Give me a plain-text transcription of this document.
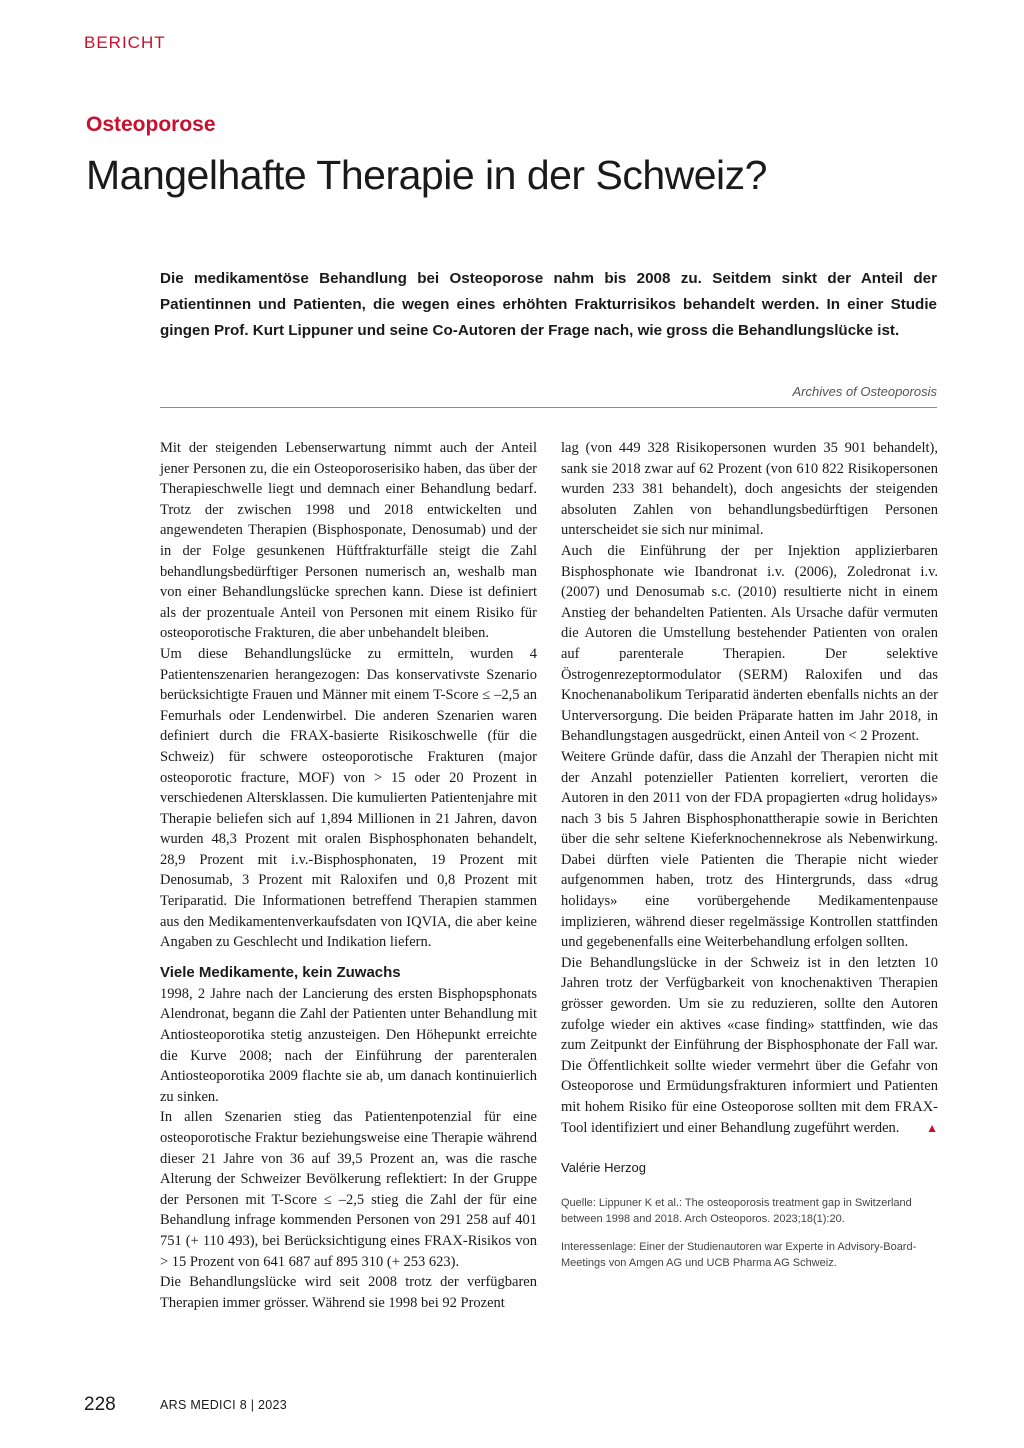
BERICHT
Osteoporose
Mangelhafte Therapie in der Schweiz?

Die medikamentöse Behandlung bei Osteoporose nahm bis 2008 zu. Seitdem sinkt der Anteil der Patientinnen und Patienten, die wegen eines erhöhten Frakturrisikos behandelt werden. In einer Studie gingen Prof. Kurt Lippuner und seine Co-Autoren der Frage nach, wie gross die Behandlungslücke ist.

Archives of Osteoporosis

Mit der steigenden Lebenserwartung nimmt auch der Anteil jener Personen zu, die ein Osteoporoserisiko haben, das über der Therapieschwelle liegt und demnach einer Behandlung bedarf. Trotz der zwischen 1998 und 2018 entwickelten und angewendeten Therapien (Bisphosponate, Denosumab) und der in der Folge gesunkenen Hüftfrakturfälle steigt die Zahl behandlungsbedürftiger Personen numerisch an, weshalb man von einer Behandlungslücke sprechen kann. Diese ist definiert als der prozentuale Anteil von Personen mit einem Risiko für osteoporotische Frakturen, die aber unbehandelt bleiben.

Um diese Behandlungslücke zu ermitteln, wurden 4 Patientenszenarien herangezogen: Das konservativste Szenario berücksichtigte Frauen und Männer mit einem T-Score ≤ –2,5 an Femurhals oder Lendenwirbel. Die anderen Szenarien waren definiert durch die FRAX-basierte Risikoschwelle (für die Schweiz) für schwere osteoporotische Frakturen (major osteoporotic fracture, MOF) von > 15 oder 20 Prozent in verschiedenen Altersklassen. Die kumulierten Patientenjahre mit Therapie beliefen sich auf 1,894 Millionen in 21 Jahren, davon wurden 48,3 Prozent mit oralen Bisphosphonaten behandelt, 28,9 Prozent mit i.v.-Bisphosphonaten, 19 Prozent mit Denosumab, 3 Prozent mit Raloxifen und 0,8 Prozent mit Teriparatid. Die Informationen betreffend Therapien stammen aus den Medikamentenverkaufsdaten von IQVIA, die aber keine Angaben zu Geschlecht und Indikation liefern.

Viele Medikamente, kein Zuwachs

1998, 2 Jahre nach der Lancierung des ersten Bisphopsphonats Alendronat, begann die Zahl der Patienten unter Behandlung mit Antiosteoporotika stetig anzusteigen. Den Höhepunkt erreichte die Kurve 2008; nach der Einführung der parenteralen Antiosteoporotika 2009 flachte sie ab, um danach kontinuierlich zu sinken.

In allen Szenarien stieg das Patientenpotenzial für eine osteoporotische Fraktur beziehungsweise eine Therapie während dieser 21 Jahre von 36 auf 39,5 Prozent an, was die rasche Alterung der Schweizer Bevölkerung reflektiert: In der Gruppe der Personen mit T-Score ≤ –2,5 stieg die Zahl der für eine Behandlung infrage kommenden Personen von 291 258 auf 401 751 (+ 110 493), bei Berücksichtigung eines FRAX-Risikos von > 15 Prozent von 641 687 auf 895 310 (+ 253 623).

Die Behandlungslücke wird seit 2008 trotz der verfügbaren Therapien immer grösser. Während sie 1998 bei 92 Prozent

lag (von 449 328 Risikopersonen wurden 35 901 behandelt), sank sie 2018 zwar auf 62 Prozent (von 610 822 Risikopersonen wurden 233 381 behandelt), doch angesichts der steigenden absoluten Zahlen von behandlungsbedürftigen Personen unterscheidet sie sich nur minimal.

Auch die Einführung der per Injektion applizierbaren Bisphosphonate wie Ibandronat i.v. (2006), Zoledronat i.v. (2007) und Denosumab s.c. (2010) resultierte nicht in einem Anstieg der behandelten Patienten. Als Ursache dafür vermuten die Autoren die Umstellung bestehender Patienten von oralen auf parenterale Therapien. Der selektive Östrogenrezeptormodulator (SERM) Raloxifen und das Knochenanabolikum Teriparatid änderten ebenfalls nichts an der Unterversorgung. Die beiden Präparate hatten im Jahr 2018, in Behandlungstagen ausgedrückt, einen Anteil von < 2 Prozent.

Weitere Gründe dafür, dass die Anzahl der Therapien nicht mit der Anzahl potenzieller Patienten korreliert, verorten die Autoren in den 2011 von der FDA propagierten «drug holidays» nach 3 bis 5 Jahren Bisphosphonattherapie sowie in Berichten über die sehr seltene Kieferknochennekrose als Nebenwirkung. Dabei dürften viele Patienten die Therapie nicht wieder aufgenommen haben, trotz des Hintergrunds, dass «drug holidays» eine vorübergehende Medikamentenpause implizieren, während dieser regelmässige Kontrollen stattfinden und gegebenenfalls eine Weiterbehandlung erfolgen sollten.

Die Behandlungslücke in der Schweiz ist in den letzten 10 Jahren trotz der Verfügbarkeit von knochenaktiven Therapien grösser geworden. Um sie zu reduzieren, sollte den Autoren zufolge wieder ein aktives «case finding» stattfinden, wie das zum Zeitpunkt der Einführung der Bisphosphonate der Fall war. Die Öffentlichkeit sollte wieder vermehrt über die Gefahr von Osteoporose und Ermüdungsfrakturen informiert und Patienten mit hohem Risiko für eine Osteoporose sollten mit dem FRAX-Tool identifiziert und einer Behandlung zugeführt werden. ▲

Valérie Herzog
Quelle: Lippuner K et al.: The osteoporosis treatment gap in Switzerland between 1998 and 2018. Arch Osteoporos. 2023;18(1):20.
Interessenlage: Einer der Studienautoren war Experte in Advisory-Board-Meetings von Amgen AG und UCB Pharma AG Schweiz.
228	ARS MEDICI 8 | 2023
